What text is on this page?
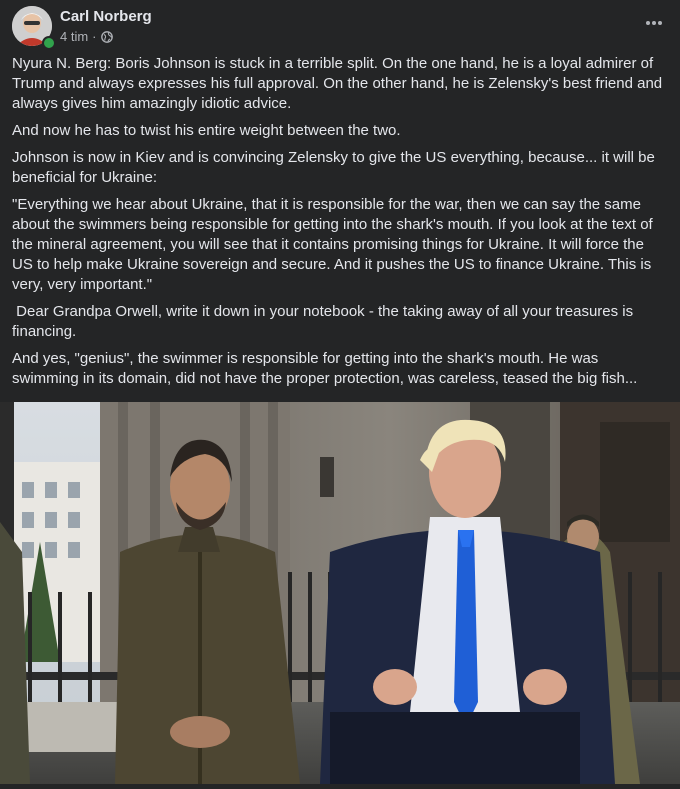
Carl Norberg
4 tim ·

Nyura N. Berg: Boris Johnson is stuck in a terrible split. On the one hand, he is a loyal admirer of Trump and always expresses his full approval. On the other hand, he is Zelensky's best friend and always gives him amazingly idiotic advice.

And now he has to twist his entire weight between the two.

Johnson is now in Kiev and is convincing Zelensky to give the US everything, because... it will be beneficial for Ukraine:

"Everything we hear about Ukraine, that it is responsible for the war, then we can say the same about the swimmers being responsible for getting into the shark's mouth. If you look at the text of the mineral agreement, you will see that it contains promising things for Ukraine. It will force the US to help make Ukraine sovereign and secure. And it pushes the US to finance Ukraine. This is very, very important."

Dear Grandpa Orwell, write it down in your notebook - the taking away of all your treasures is financing.

And yes, "genius", the swimmer is responsible for getting into the shark's mouth. He was swimming in its domain, did not have the proper protection, was careless, teased the big fish...
